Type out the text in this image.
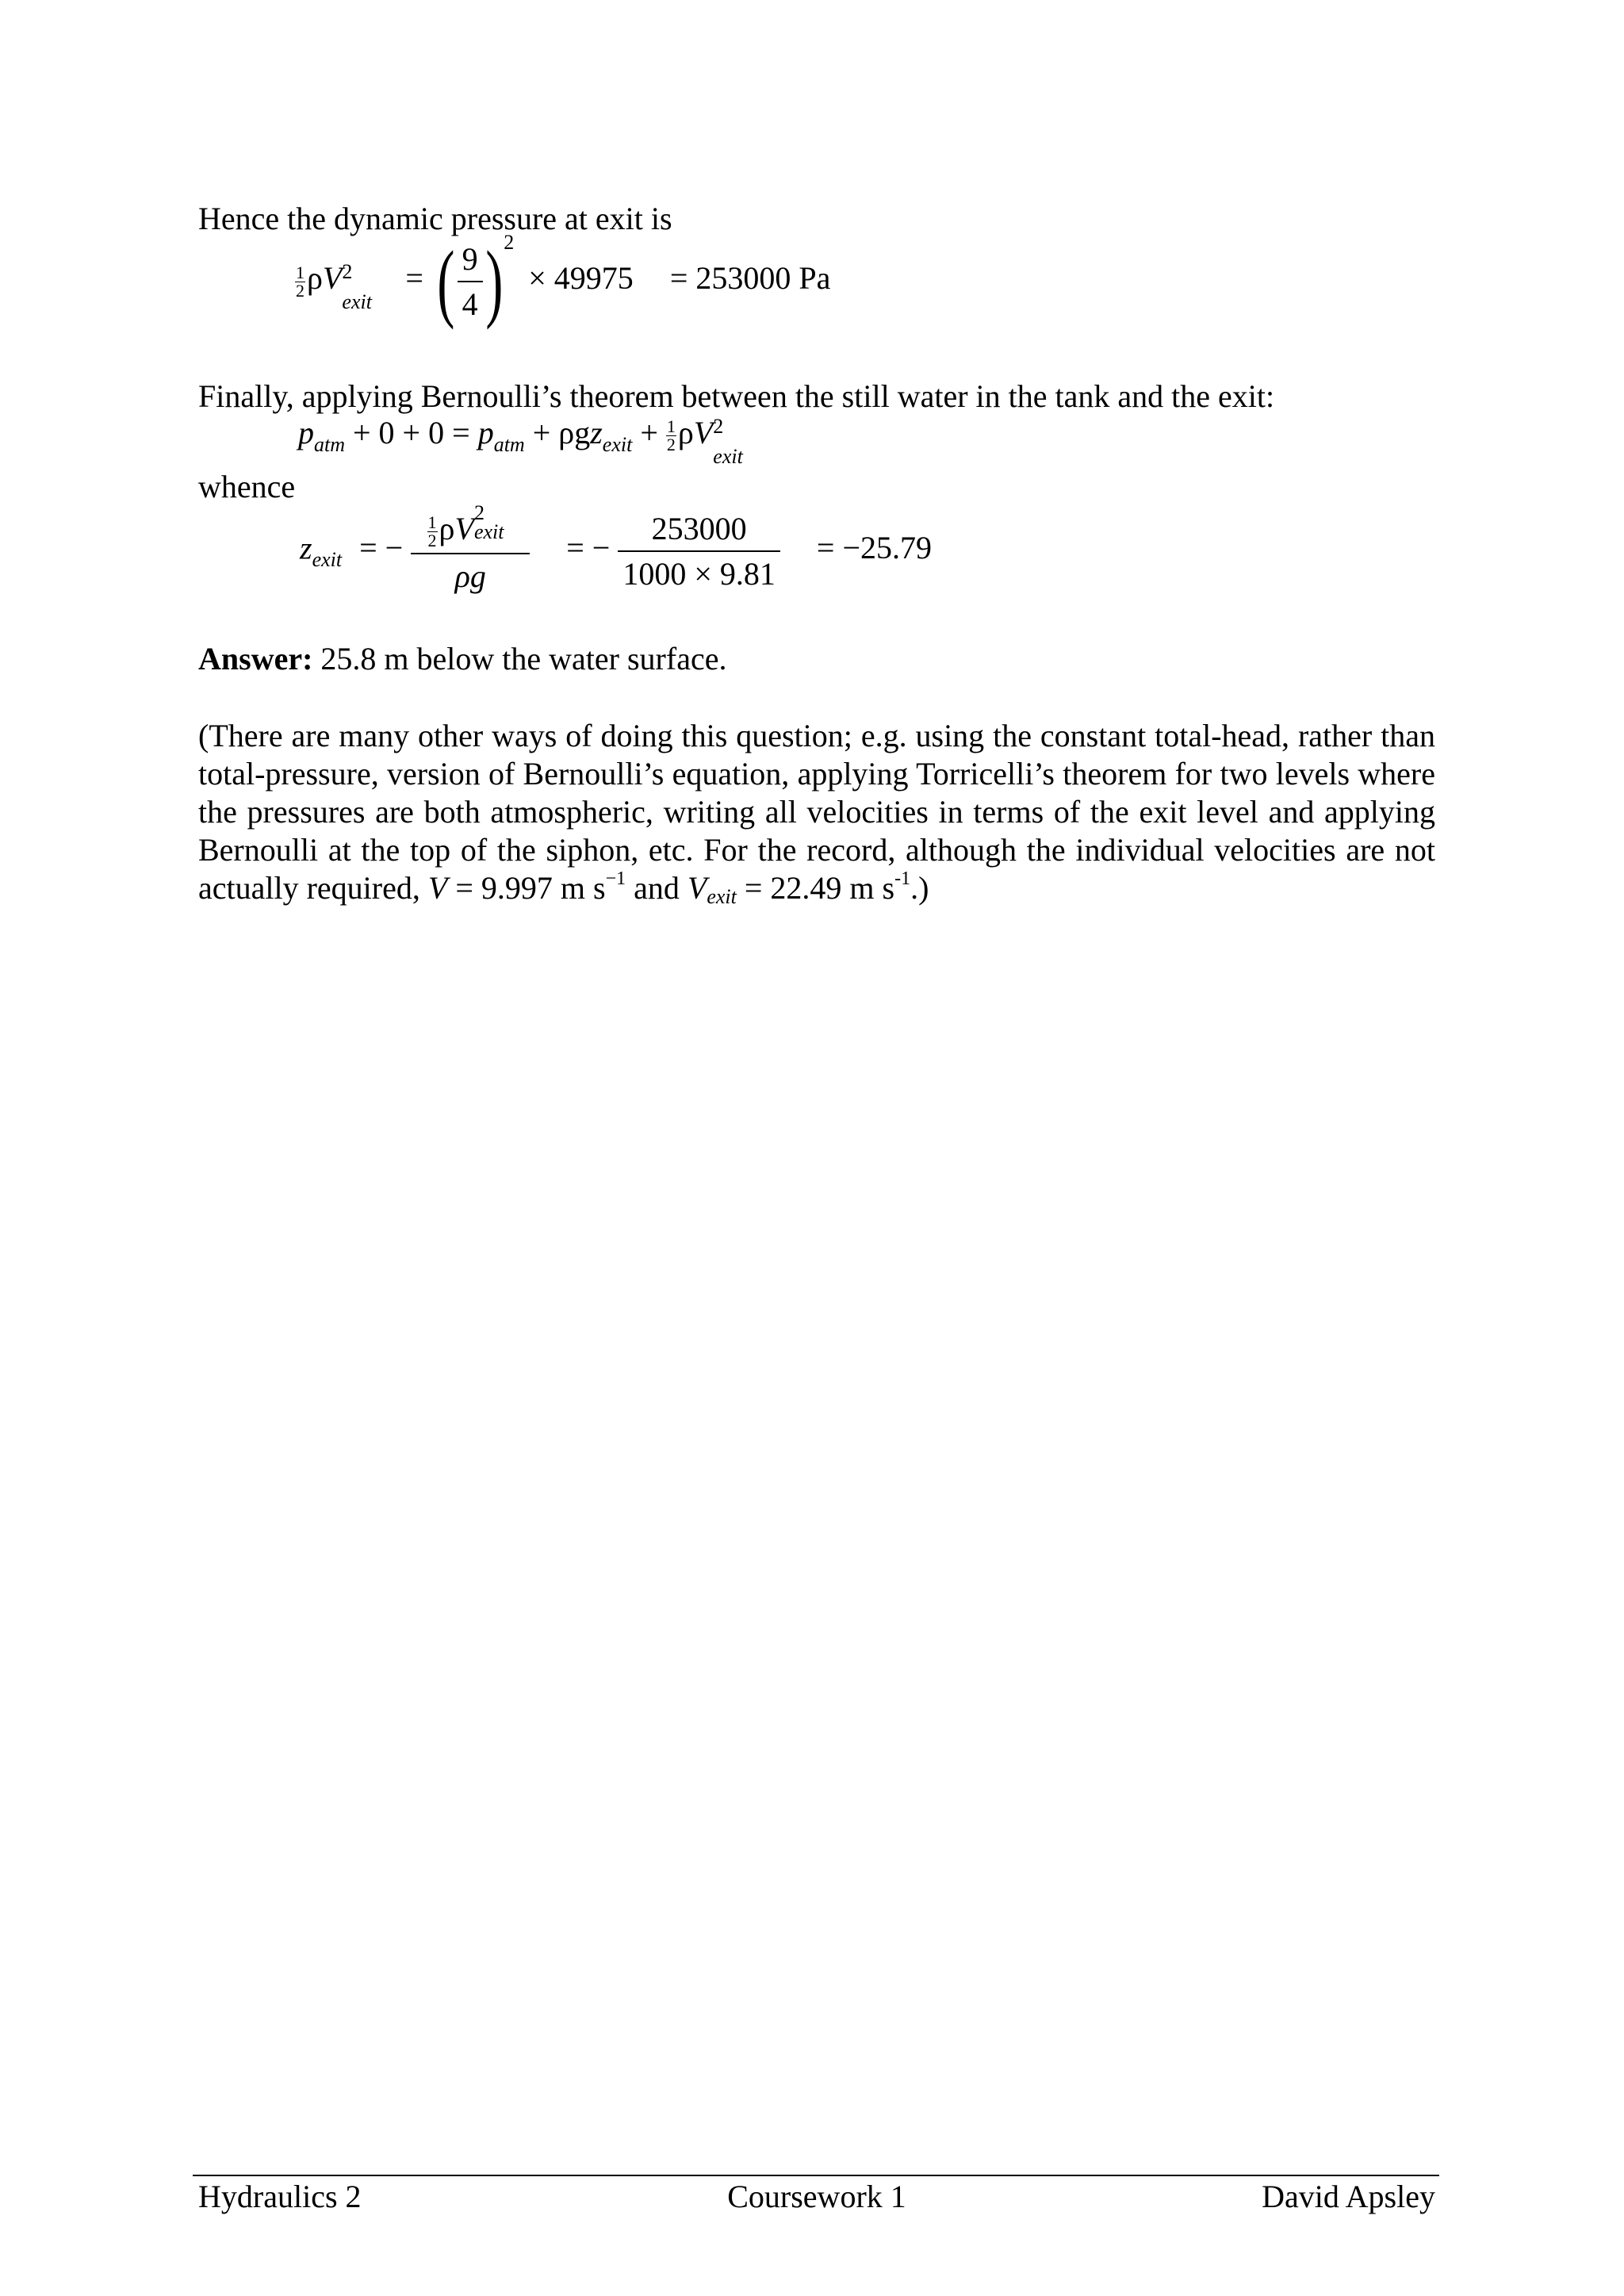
Hence the dynamic pressure at exit is
$\frac{1}{2}$ ρV 2
exit
= ( $\frac{9}{4} )^2 \times 49975 = 253000$ Pa
Finally, applying Bernoulli’s theorem between the still water in the tank and the exit:
$p_{atm} + 0 + 0 = p_{atm} + \rho gz_{exit} + \frac{1}{2}$ ρV 2
exit
whence
$z_{exit}$ = − $\frac{1}{2}$ ρV 2
exit
ρg = − $\frac{253000}{1000 \times 9.81} = -25.79$
Answer: 25.8 m below the water surface.
(There are many other ways of doing this question; e.g. using the constant total-head, rather than total-pressure, version of Bernoulli’s equation, applying Torricelli’s theorem for two levels where the pressures are both atmospheric, writing all velocities in terms of the exit level and applying Bernoulli at the top of the siphon, etc. For the record, although the individual velocities are not actually required, V = 9.997 m $s^{-1}$ and Vexit = 22.49 m $s^{-1}$.)
Hydraulics 2	Coursework 1	David Apsley
